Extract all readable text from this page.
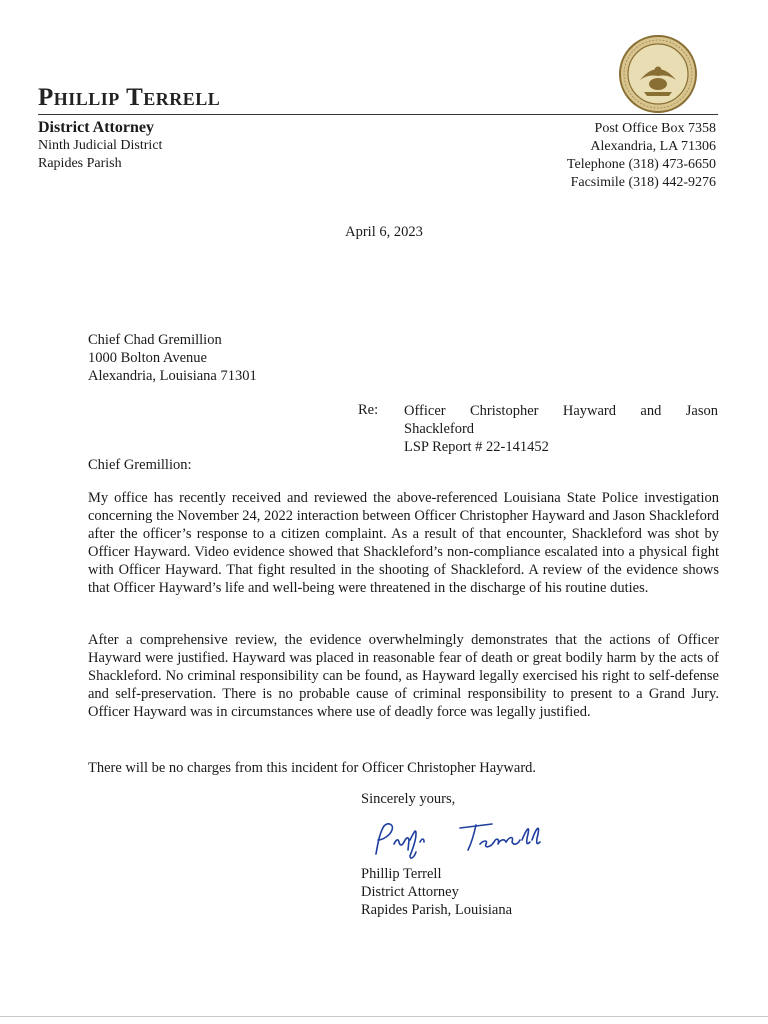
Phillip Terrell
District Attorney
Ninth Judicial District
Rapides Parish
Post Office Box 7358
Alexandria, LA 71306
Telephone (318) 473-6650
Facsimile (318) 442-9276
April 6, 2023
Chief Chad Gremillion
1000 Bolton Avenue
Alexandria, Louisiana 71301
Re: Officer Christopher Hayward and Jason
Shackleford
LSP Report # 22-141452
Chief Gremillion:

My office has recently received and reviewed the above-referenced Louisiana State Police investigation concerning the November 24, 2022 interaction between Officer Christopher Hayward and Jason Shackleford after the officer’s response to a citizen complaint. As a result of that encounter, Shackleford was shot by Officer Hayward. Video evidence showed that Shackleford’s non-compliance escalated into a physical fight with Officer Hayward. That fight resulted in the shooting of Shackleford. A review of the evidence shows that Officer Hayward’s life and well-being were threatened in the discharge of his routine duties.

After a comprehensive review, the evidence overwhelmingly demonstrates that the actions of Officer Hayward were justified. Hayward was placed in reasonable fear of death or great bodily harm by the acts of Shackleford. No criminal responsibility can be found, as Hayward legally exercised his right to self-defense and self-preservation. There is no probable cause of criminal responsibility to present to a Grand Jury. Officer Hayward was in circumstances where use of deadly force was legally justified.

There will be no charges from this incident for Officer Christopher Hayward.

Sincerely yours,
Phillip Terrell
District Attorney
Rapides Parish, Louisiana
